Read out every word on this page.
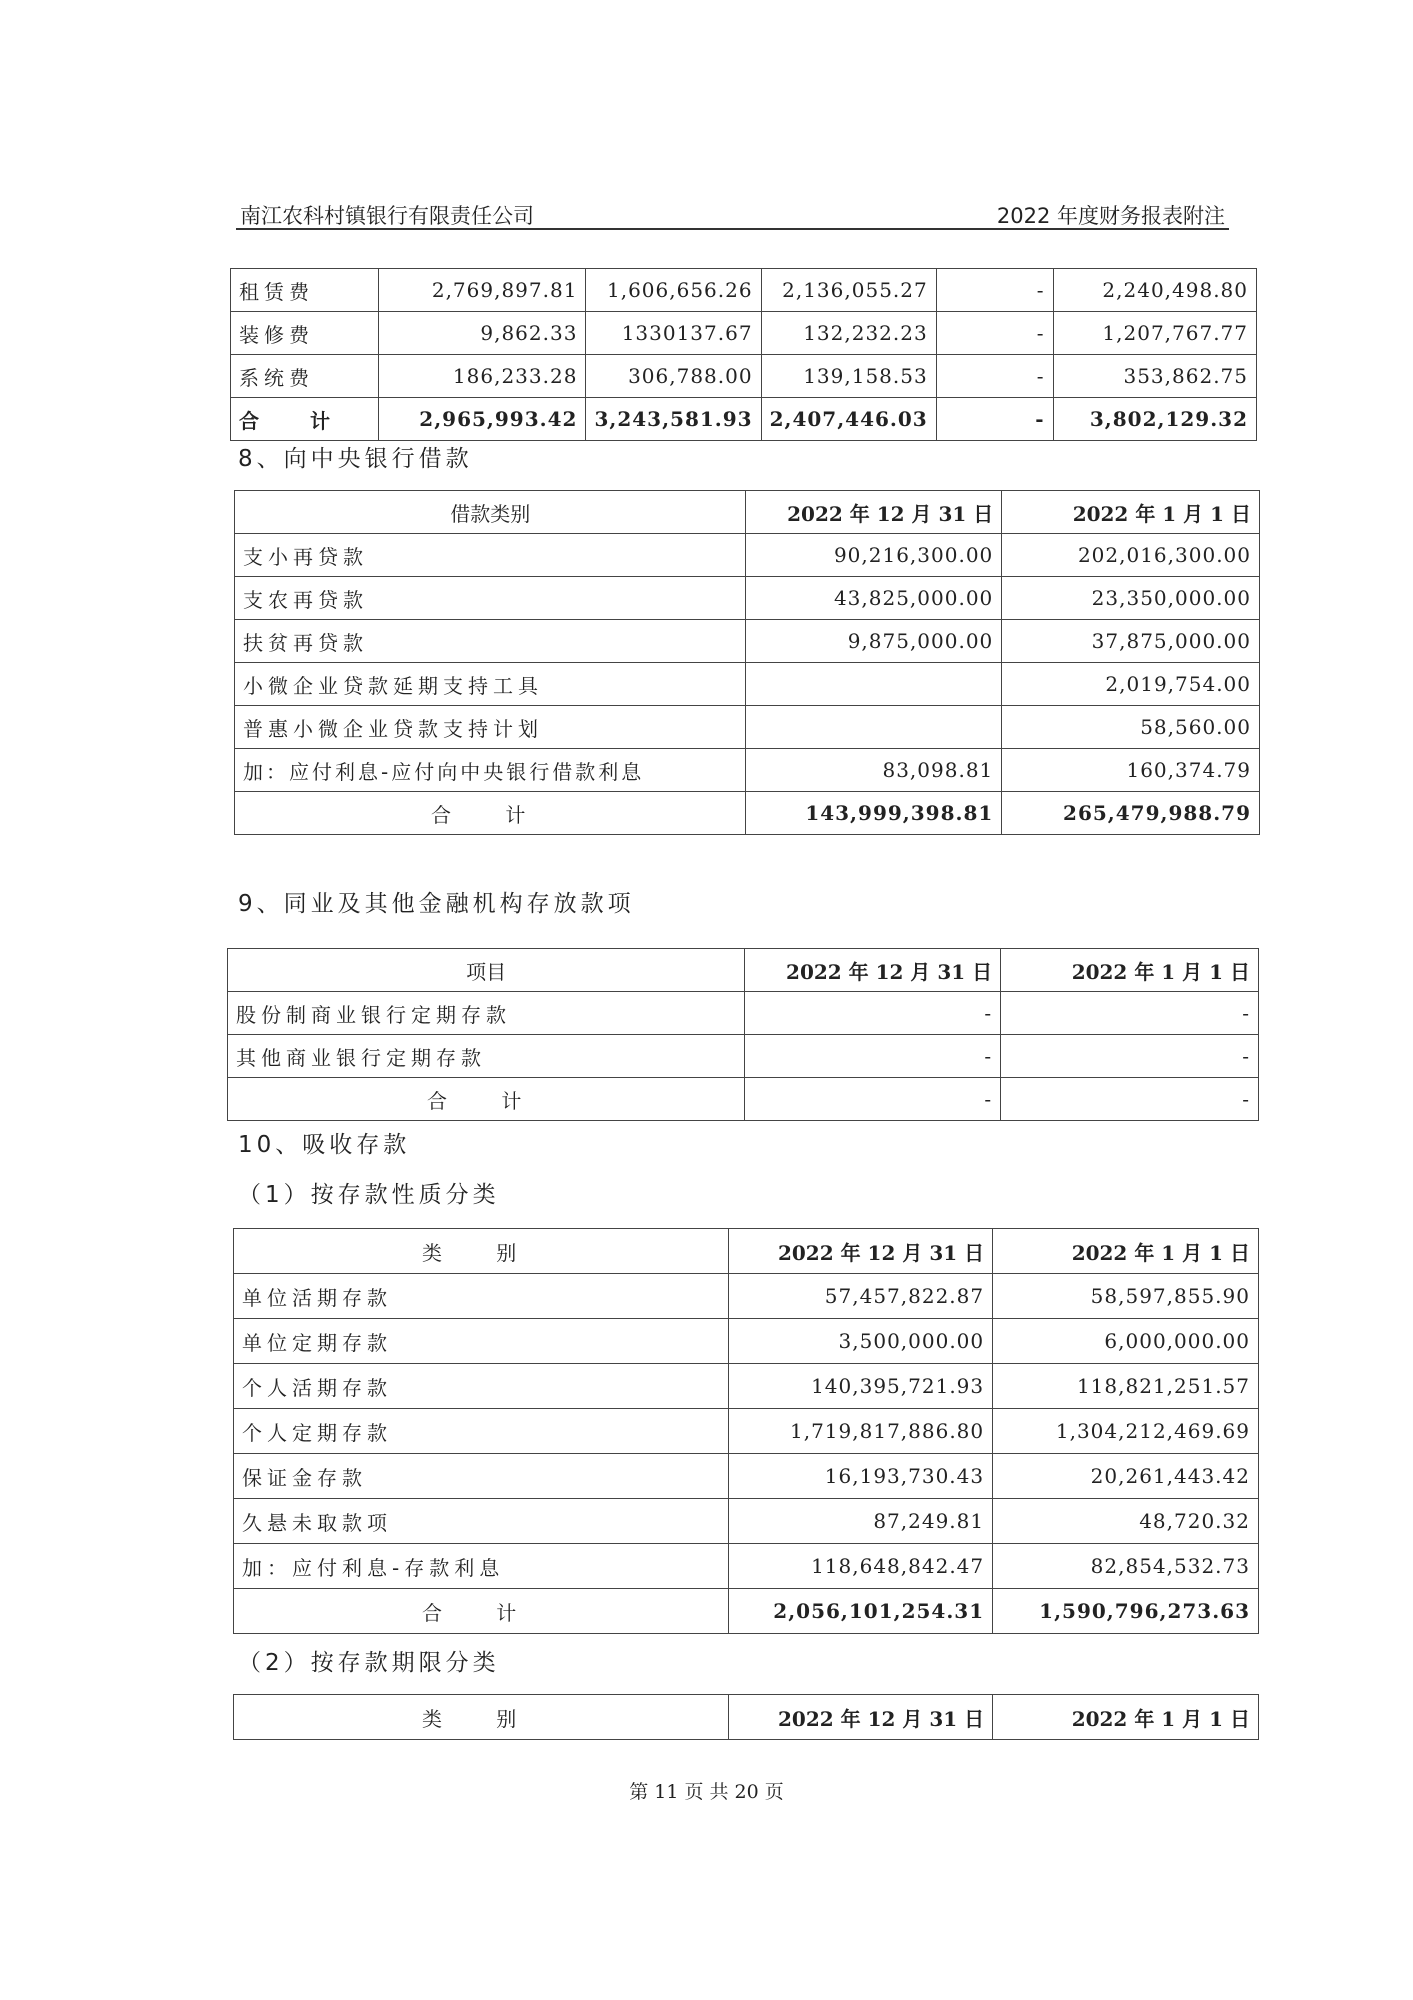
南江农科村镇银行有限责任公司	2022 年度财务报表附注
租赁费	2,769,897.81	1,606,656.26	2,136,055.27	-	2,240,498.80
装修费	9,862.33	1330137.67	132,232.23	-	1,207,767.77
系统费	186,233.28	306,788.00	139,158.53	-	353,862.75
合 计	2,965,993.42	3,243,581.93	2,407,446.03	-	3,802,129.32
8、向中央银行借款
借款类别	2022 年 12 月 31 日	2022 年 1 月 1 日
支小再贷款	90,216,300.00	202,016,300.00
支农再贷款	43,825,000.00	23,350,000.00
扶贫再贷款	9,875,000.00	37,875,000.00
小微企业贷款延期支持工具		2,019,754.00
普惠小微企业贷款支持计划		58,560.00
加：应付利息-应付向中央银行借款利息	83,098.81	160,374.79
合 计	143,999,398.81	265,479,988.79
9、同业及其他金融机构存放款项
项目	2022 年 12 月 31 日	2022 年 1 月 1 日
股份制商业银行定期存款	-	-
其他商业银行定期存款	-	-
合 计	-	-
10、吸收存款
（1）按存款性质分类
类 别	2022 年 12 月 31 日	2022 年 1 月 1 日
单位活期存款	57,457,822.87	58,597,855.90
单位定期存款	3,500,000.00	6,000,000.00
个人活期存款	140,395,721.93	118,821,251.57
个人定期存款	1,719,817,886.80	1,304,212,469.69
保证金存款	16,193,730.43	20,261,443.42
久悬未取款项	87,249.81	48,720.32
加：应付利息-存款利息	118,648,842.47	82,854,532.73
合 计	2,056,101,254.31	1,590,796,273.63
（2）按存款期限分类
类 别	2022 年 12 月 31 日	2022 年 1 月 1 日
第 11 页 共 20 页
